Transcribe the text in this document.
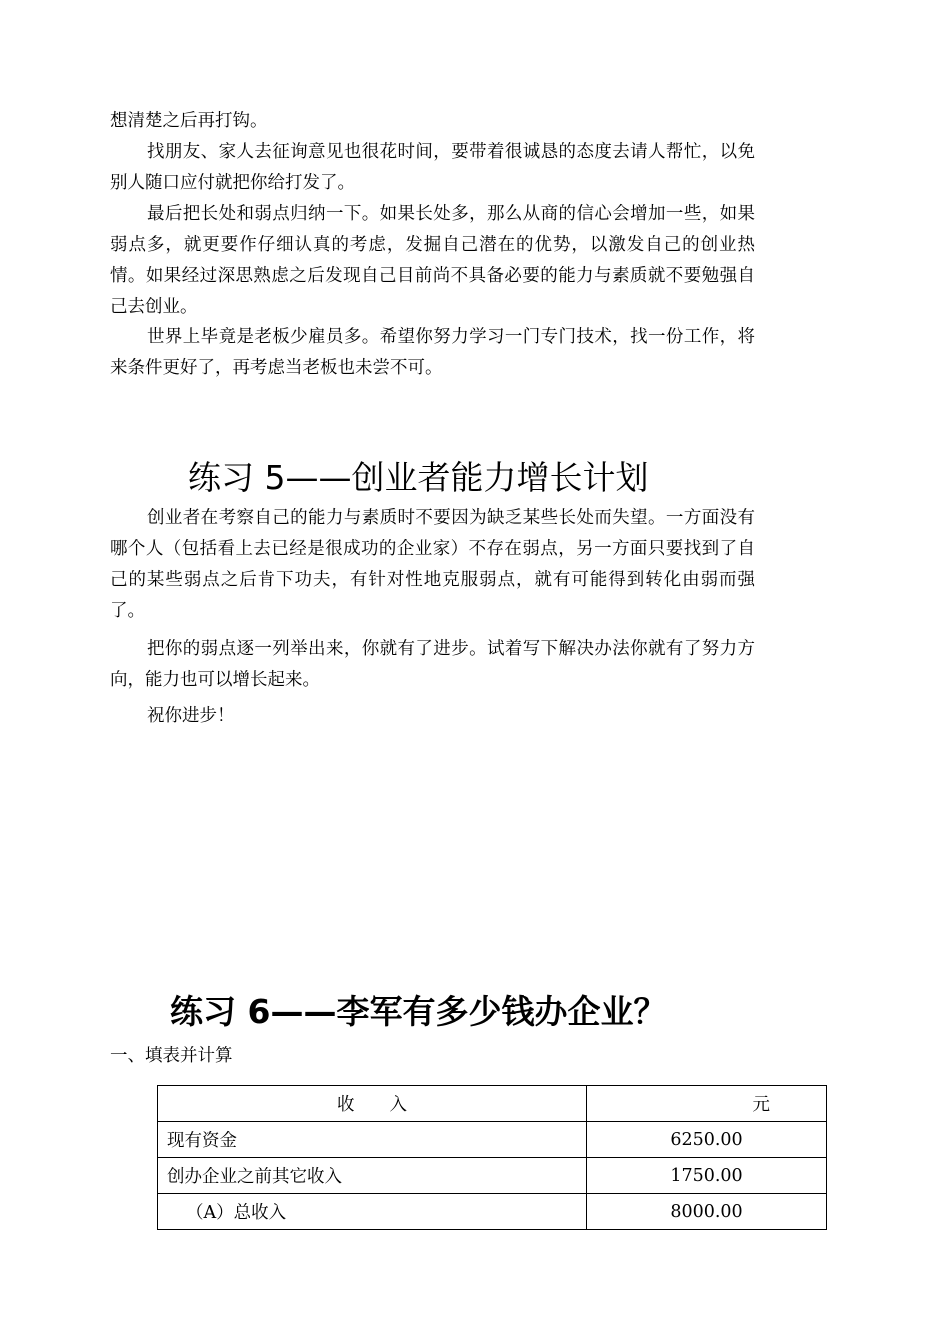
想清楚之后再打钩。

找朋友、家人去征询意见也很花时间，要带着很诚恳的态度去请人帮忙，以免别人随口应付就把你给打发了。

最后把长处和弱点归纳一下。如果长处多，那么从商的信心会增加一些，如果弱点多，就更要作仔细认真的考虑，发掘自己潜在的优势，以激发自己的创业热情。如果经过深思熟虑之后发现自己目前尚不具备必要的能力与素质就不要勉强自己去创业。

世界上毕竟是老板少雇员多。希望你努力学习一门专门技术，找一份工作，将来条件更好了，再考虑当老板也未尝不可。

练习 5——创业者能力增长计划

创业者在考察自己的能力与素质时不要因为缺乏某些长处而失望。一方面没有哪个人（包括看上去已经是很成功的企业家）不存在弱点，另一方面只要找到了自己的某些弱点之后肯下功夫，有针对性地克服弱点，就有可能得到转化由弱而强了。

把你的弱点逐一列举出来，你就有了进步。试着写下解决办法你就有了努力方向，能力也可以增长起来。

祝你进步！

练习 6——李军有多少钱办企业？

一、填表并计算

收　　入	元
现有资金	6250.00
创办企业之前其它收入	1750.00
（A）总收入	8000.00
